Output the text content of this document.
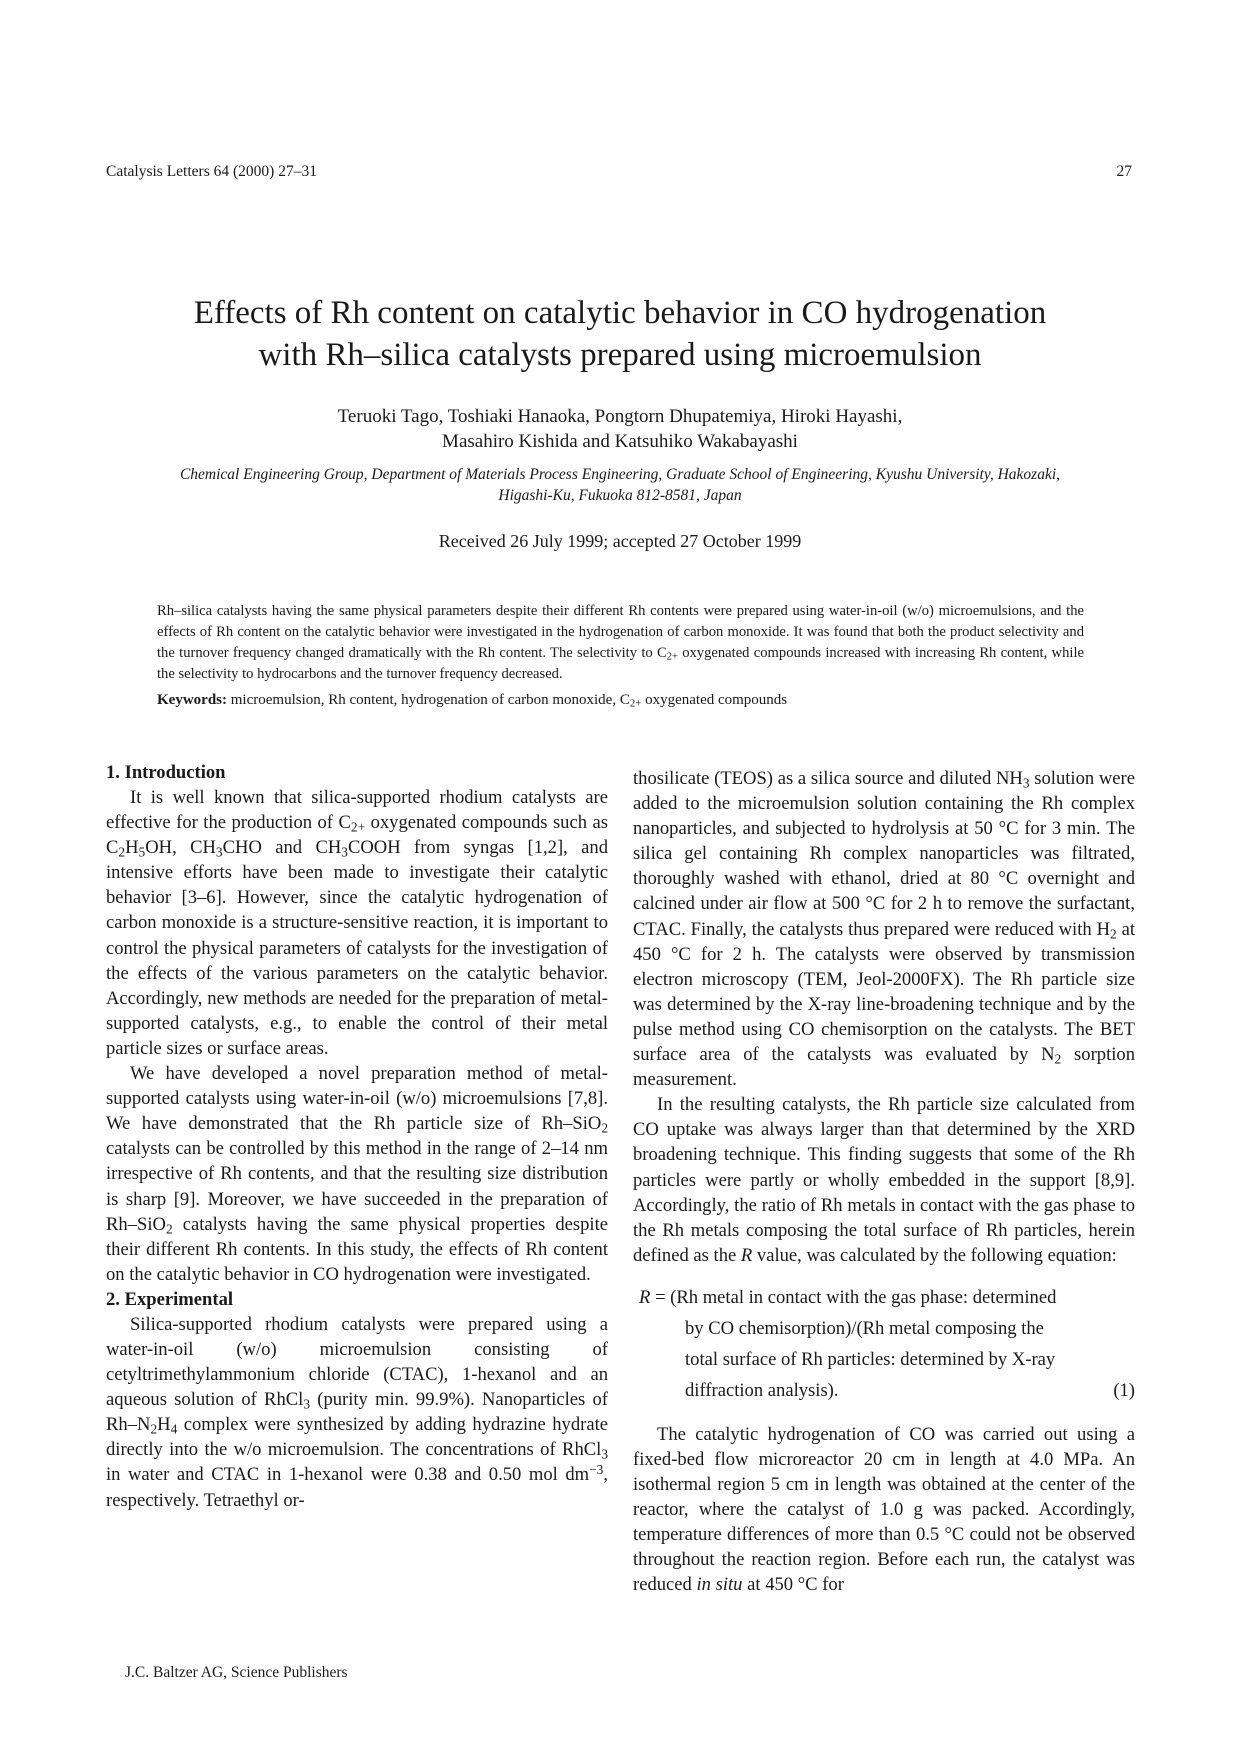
Catalysis Letters 64 (2000) 27–31	27
Effects of Rh content on catalytic behavior in CO hydrogenation
with Rh–silica catalysts prepared using microemulsion
Teruoki Tago, Toshiaki Hanaoka, Pongtorn Dhupatemiya, Hiroki Hayashi,
Masahiro Kishida and Katsuhiko Wakabayashi
Chemical Engineering Group, Department of Materials Process Engineering, Graduate School of Engineering, Kyushu University, Hakozaki,
Higashi-Ku, Fukuoka 812-8581, Japan
Received 26 July 1999; accepted 27 October 1999
Rh–silica catalysts having the same physical parameters despite their different Rh contents were prepared using water-in-oil (w/o) microemulsions, and the effects of Rh content on the catalytic behavior were investigated in the hydrogenation of carbon monoxide. It was found that both the product selectivity and the turnover frequency changed dramatically with the Rh content. The selectivity to $C_{2+}$ oxygenated compounds increased with increasing Rh content, while the selectivity to hydrocarbons and the turnover frequency decreased.
Keywords: microemulsion, Rh content, hydrogenation of carbon monoxide, $C_{2+}$ oxygenated compounds
1. Introduction

It is well known that silica-supported rhodium catalysts are effective for the production of $C_{2+}$ oxygenated compounds such as $C_2H_5OH$, $CH_3CHO$ and $CH_3COOH$ from syngas [1,2], and intensive efforts have been made to investigate their catalytic behavior [3–6]. However, since the catalytic hydrogenation of carbon monoxide is a structure-sensitive reaction, it is important to control the physical parameters of catalysts for the investigation of the effects of the various parameters on the catalytic behavior. Accordingly, new methods are needed for the preparation of metal-supported catalysts, e.g., to enable the control of their metal particle sizes or surface areas.

We have developed a novel preparation method of metal-supported catalysts using water-in-oil (w/o) microemulsions [7,8]. We have demonstrated that the Rh particle size of Rh–SiO$_2$ catalysts can be controlled by this method in the range of 2–14 nm irrespective of Rh contents, and that the resulting size distribution is sharp [9]. Moreover, we have succeeded in the preparation of Rh–SiO$_2$ catalysts having the same physical properties despite their different Rh contents. In this study, the effects of Rh content on the catalytic behavior in CO hydrogenation were investigated.

2. Experimental

Silica-supported rhodium catalysts were prepared using a water-in-oil (w/o) microemulsion consisting of cetyltrimethylammonium chloride (CTAC), 1-hexanol and an aqueous solution of RhCl$_3$ (purity min. 99.9%). Nanoparticles of $Rh-N_2H_4$ complex were synthesized by adding hydrazine hydrate directly into the w/o microemulsion. The concentrations of RhCl$_3$ in water and CTAC in 1-hexanol were 0.38 and 0.50 mol $dm^{-3}$, respectively. Tetraethyl or-

thosilicate (TEOS) as a silica source and diluted $NH_3$ solution were added to the microemulsion solution containing the Rh complex nanoparticles, and subjected to hydrolysis at 50 °C for 3 min. The silica gel containing Rh complex nanoparticles was filtrated, thoroughly washed with ethanol, dried at 80 °C overnight and calcined under air flow at 500 °C for 2 h to remove the surfactant, CTAC. Finally, the catalysts thus prepared were reduced with $H_2$ at 450 °C for 2 h. The catalysts were observed by transmission electron microscopy (TEM, Jeol-2000FX). The Rh particle size was determined by the X-ray line-broadening technique and by the pulse method using CO chemisorption on the catalysts. The BET surface area of the catalysts was evaluated by $N_2$ sorption measurement.

In the resulting catalysts, the Rh particle size calculated from CO uptake was always larger than that determined by the XRD broadening technique. This finding suggests that some of the Rh particles were partly or wholly embedded in the support [8,9]. Accordingly, the ratio of Rh metals in contact with the gas phase to the Rh metals composing the total surface of Rh particles, herein defined as the R value, was calculated by the following equation:

R = (Rh metal in contact with the gas phase: determined
by CO chemisorption)/(Rh metal composing the
total surface of Rh particles: determined by X-ray
diffraction analysis).	(1)

The catalytic hydrogenation of CO was carried out using a fixed-bed flow microreactor 20 cm in length at 4.0 MPa. An isothermal region 5 cm in length was obtained at the center of the reactor, where the catalyst of 1.0 g was packed. Accordingly, temperature differences of more than 0.5 °C could not be observed throughout the reaction region. Before each run, the catalyst was reduced in situ at 450 °C for

J.C. Baltzer AG, Science Publishers
